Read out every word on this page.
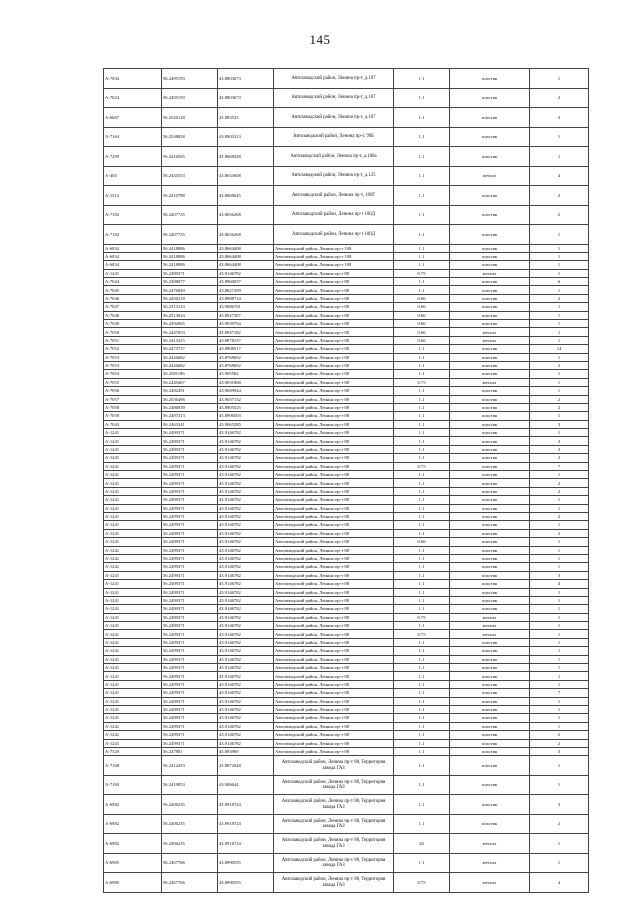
145
А-7034	56.2495193	43.8803673	Автозаводский район, Ленина пр-т, д.107	1.1	пластик	1
А-7034	56.2495193	43.8803673	Автозаводский район, Ленина пр-т, д.107	1.1	пластик	2
А-6667	56.2526128	43.883523	Автозаводский район, Ленина пр-т, д.107	1.1	пластик	3
А-7164	56.2548828	43.8903313	Автозаводский район, Ленина пр-т, 99Б	1.1	пластик	1
А-7299	56.2416565	43.8668328	Автозаводский район, Ленина пр-т, д.108а	1.1	пластик	1
А-404	56.2433553	43.8653608	Автозаводский район, Ленина пр-т, д.125	1.1	металл	4
А-1512	56.2410788	43.8668645	Автозаводский район, Ленина пр-т, 100Г	1.1	пластик	2
А-7182	56.2407735	43.8656268	Автозаводский район, Ленина пр-т 100Д	1.1	пластик	2
А-7182	56.2407735	43.8656268	Автозаводский район, Ленина пр-т 100Д	1.1	пластик	1
А-6834	56.2418886	43.8664408	Автозаводский район, Ленина пр-т 108	1.1	пластик	1
А-6834	56.2418886	43.8664408	Автозаводский район, Ленина пр-т 108	1.1	пластик	1
А-6834	56.2418886	43.8664408	Автозаводский район, Ленина пр-т 108	1.1	пластик	1
А-1241	56.2499371	43.9146782	Автозаводский район, Ленина пр-т 88	0.75	металл	1
А-7044	56.2388077	43.8960037	Автозаводский район, Ленина пр-т 88	1.1	пластик	6
А-7045	56.2476849	43.8827209	Автозаводский район, Ленина пр-т 88	1.1	пластик	1
А-7046	56.2450218	43.8988724	Автозаводский район, Ленина пр-т 88	0.66	пластик	2
А-7047	56.2513123	43.9086761	Автозаводский район, Ленина пр-т 88	0.66	пластик	1
А-7048	56.2513024	43.8927307	Автозаводский район, Ленина пр-т 88	0.66	пластик	1
А-7049	56.2492065	43.9039764	Автозаводский район, Ленина пр-т 88	0.66	пластик	1
А-7050	56.2447853	43.8947182	Автозаводский район, Ленина пр-т 88	0.66	металл	1
А-7051	56.2415415	43.8878157	Автозаводский район, Ленина пр-т 88	0.66	металл	1
А-7052	56.2473717	43.8808517	Автозаводский район, Ленина пр-т 88	1.1	пластик	14
А-7053	56.2426682	43.8768692	Автозаводский район, Ленина пр-т 88	1.1	пластик	1
А-7053	56.2426682	43.8768692	Автозаводский район, Ленина пр-т 88	1.1	пластик	2
А-7054	56.2581186	43.905582	Автозаводский район, Ленина пр-т 88	1.1	пластик	1
А-7055	56.2449467	43.9031868	Автозаводский район, Ленина пр-т 88	0.75	металл	1
А-7056	56.2482491	43.9049944	Автозаводский район, Ленина пр-т 88	1.1	пластик	1
А-7057	56.2556496	43.9037132	Автозаводский район, Ленина пр-т 88	1.1	пластик	2
А-7058	56.2486839	43.8905525	Автозаводский район, Ленина пр-т 88	1.1	пластик	2
А-7059	56.2487413	43.8906503	Автозаводский район, Ленина пр-т 88	1.1	пластик	1
А-7043	56.2463341	43.9065285	Автозаводский район, Ленина пр-т 88	1.1	пластик	3
А-1241	56.2499371	43.9146782	Автозаводский район, Ленина пр-т 88	1.1	пластик	1
А-1241	56.2499371	43.9146782	Автозаводский район, Ленина пр-т 88	1.1	пластик	2
А-1241	56.2499371	43.9146782	Автозаводский район, Ленина пр-т 88	1.1	пластик	2
А-1241	56.2499371	43.9146782	Автозаводский район, Ленина пр-т 88	1.1	пластик	2
А-1241	56.2499371	43.9146782	Автозаводский район, Ленина пр-т 88	0.75	пластик	7
А-1241	56.2499371	43.9146782	Автозаводский район, Ленина пр-т 88	1.1	пластик	1
А-1241	56.2499371	43.9146782	Автозаводский район, Ленина пр-т 88	1.1	пластик	2
А-1241	56.2499371	43.9146782	Автозаводский район, Ленина пр-т 88	1.1	пластик	2
А-1241	56.2499371	43.9146782	Автозаводский район, Ленина пр-т 88	1.1	пластик	1
А-1241	56.2499371	43.9146782	Автозаводский район, Ленина пр-т 88	1.1	пластик	1
А-1241	56.2499371	43.9146782	Автозаводский район, Ленина пр-т 88	1.1	пластик	2
А-1241	56.2499371	43.9146782	Автозаводский район, Ленина пр-т 88	1.1	пластик	1
А-1241	56.2499371	43.9146782	Автозаводский район, Ленина пр-т 88	1.1	пластик	2
А-1241	56.2499371	43.9146782	Автозаводский район, Ленина пр-т 88	0.66	пластик	1
А-1241	56.2499371	43.9146782	Автозаводский район, Ленина пр-т 88	1.1	пластик	1
А-1241	56.2499371	43.9146782	Автозаводский район, Ленина пр-т 88	1.1	пластик	1
А-1241	56.2499371	43.9146782	Автозаводский район, Ленина пр-т 88	1.1	пластик	1
А-1241	56.2499371	43.9146782	Автозаводский район, Ленина пр-т 88	1.1	пластик	3
А-1241	56.2499371	43.9146782	Автозаводский район, Ленина пр-т 88	1.1	пластик	4
А-1241	56.2499371	43.9146782	Автозаводский район, Ленина пр-т 88	1.1	пластик	1
А-1241	56.2499371	43.9146782	Автозаводский район, Ленина пр-т 88	1.1	пластик	1
А-1241	56.2499371	43.9146782	Автозаводский район, Ленина пр-т 88	1.1	пластик	1
А-1241	56.2499371	43.9146782	Автозаводский район, Ленина пр-т 88	0.75	металл	1
А-1241	56.2499371	43.9146782	Автозаводский район, Ленина пр-т 88	1.1	металл	1
А-1241	56.2499371	43.9146782	Автозаводский район, Ленина пр-т 88	0.75	металл	1
А-1241	56.2499371	43.9146782	Автозаводский район, Ленина пр-т 88	1.1	пластик	1
А-1241	56.2499371	43.9146782	Автозаводский район, Ленина пр-т 88	1.1	пластик	1
А-1241	56.2499371	43.9146782	Автозаводский район, Ленина пр-т 88	1.1	пластик	1
А-1241	56.2499371	43.9146782	Автозаводский район, Ленина пр-т 88	1.1	пластик	1
А-1241	56.2499371	43.9146782	Автозаводский район, Ленина пр-т 88	1.1	пластик	1
А-1241	56.2499371	43.9146782	Автозаводский район, Ленина пр-т 88	1.1	пластик	1
А-1241	56.2499371	43.9146782	Автозаводский район, Ленина пр-т 88	1.1	пластик	7
А-1241	56.2499371	43.9146782	Автозаводский район, Ленина пр-т 88	1.1	пластик	1
А-1241	56.2499371	43.9146782	Автозаводский район, Ленина пр-т 88	1.1	пластик	1
А-1241	56.2499371	43.9146782	Автозаводский район, Ленина пр-т 88	1.1	пластик	1
А-1241	56.2499371	43.9146782	Автозаводский район, Ленина пр-т 88	1.1	пластик	1
А-1241	56.2499371	43.9146782	Автозаводский район, Ленина пр-т 88	1.1	пластик	2
А-1241	56.2499371	43.9146782	Автозаводский район, Ленина пр-т 88	1.1	пластик	2
А-7329	56.247881	43.893969	Автозаводский район, Ленина пр-т 88	1.1	пластик	3
А-7168	56.2412453	43.8872048	Автозаводский район, Ленина пр-т 88, Территория завода ГАЗ	1.1	пластик	1
А-7169	56.2419853	43.906644	Автозаводский район, Ленина пр-т 88, Территория завода ГАЗ	1.1	пластик	1
А-6982	56.2406235	43.8918724	Автозаводский район, Ленина пр-т 88, Территория завода ГАЗ	1.1	пластик	3
А-6982	56.2406235	43.8918724	Автозаводский район, Ленина пр-т 88, Территория завода ГАЗ	1.1	пластик	2
А-6982	56.2406235	43.8918724	Автозаводский район, Ленина пр-т 88, Территория завода ГАЗ	20	металл	1
А-6985	56.2467766	43.8990555	Автозаводский район, Ленина пр-т 88, Территория завода ГАЗ	1.1	металл	1
А-6985	56.2467766	43.8990555	Автозаводский район, Ленина пр-т 88, Территория завода ГАЗ	0.75	металл	4
